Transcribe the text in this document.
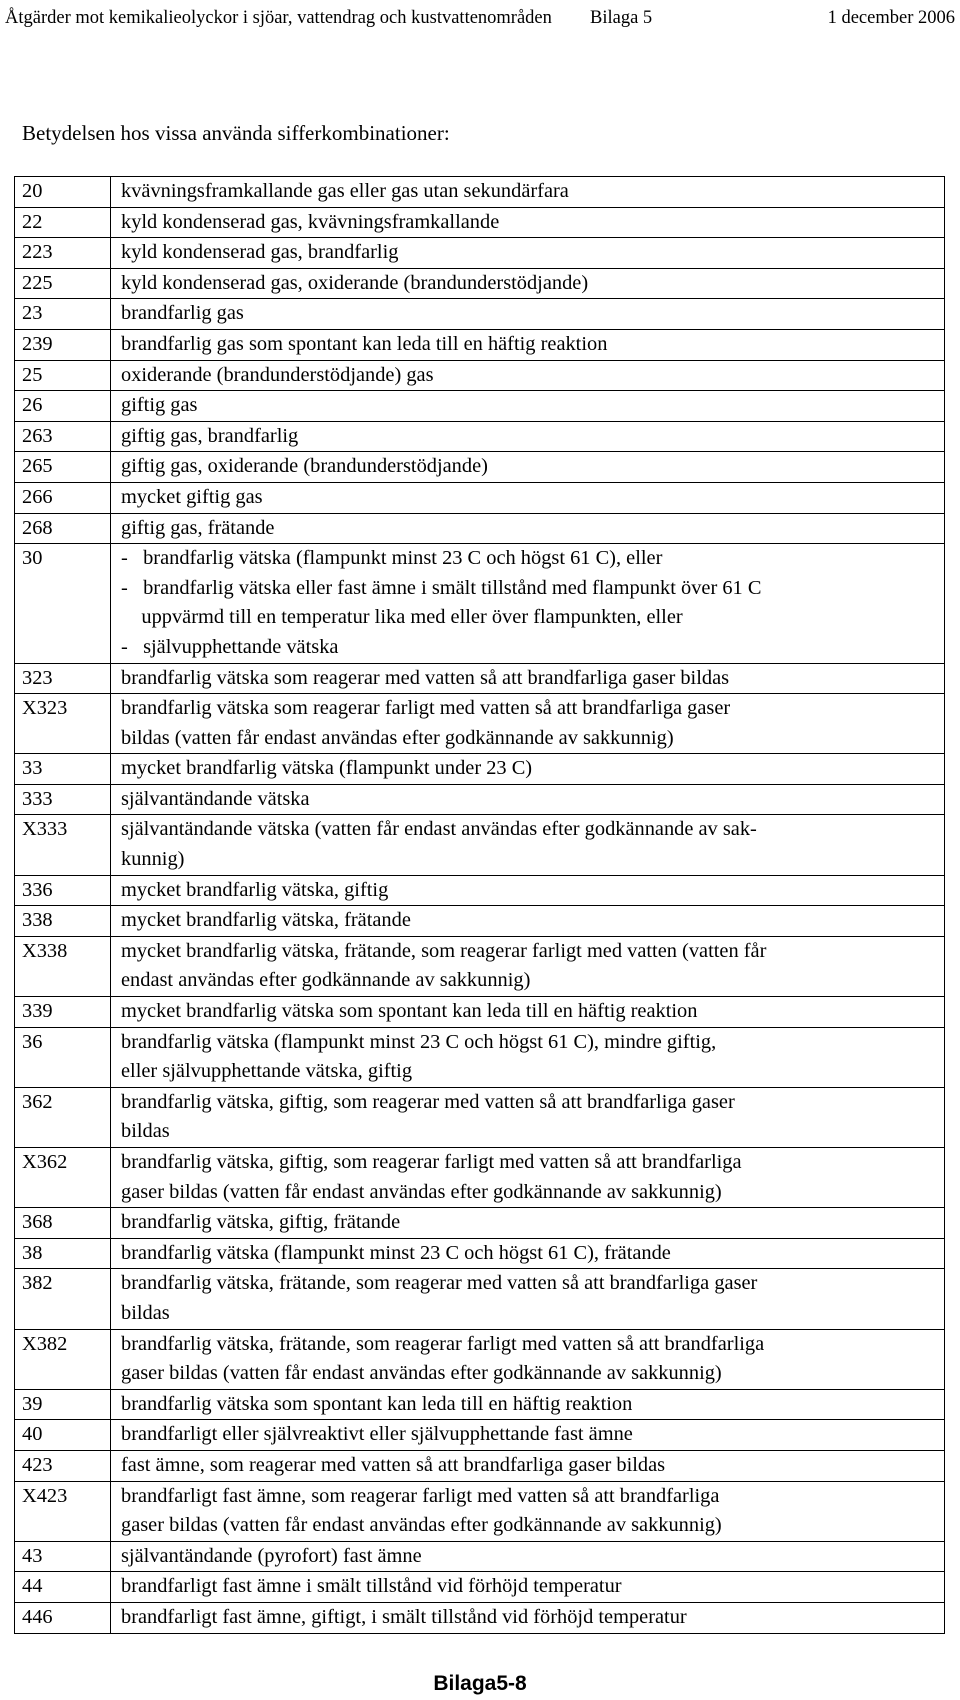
Åtgärder mot kemikalieolyckor i sjöar, vattendrag och kustvattenområden Bilaga 5	1 december 2006
Betydelsen hos vissa använda sifferkombinationer:
20	kvävningsframkallande gas eller gas utan sekundärfara

22	kyld kondenserad gas, kvävningsframkallande

223	kyld kondenserad gas, brandfarlig

225	kyld kondenserad gas, oxiderande (brandunderstödjande)

23	brandfarlig gas

239	brandfarlig gas som spontant kan leda till en häftig reaktion

25	oxiderande (brandunderstödjande) gas

26	giftig gas

263	giftig gas, brandfarlig

265	giftig gas, oxiderande (brandunderstödjande)

266	mycket giftig gas

268	giftig gas, frätande

30	-   brandfarlig vätska (flampunkt minst 23 C och högst 61 C), eller
-   brandfarlig vätska eller fast ämne i smält tillstånd med flampunkt över 61 C
uppvärmd till en temperatur lika med eller över flampunkten, eller
-   självupphettande vätska

323	brandfarlig vätska som reagerar med vatten så att brandfarliga gaser bildas

X323	brandfarlig vätska som reagerar farligt med vatten så att brandfarliga gaser
bildas (vatten får endast användas efter godkännande av sakkunnig)

33	mycket brandfarlig vätska (flampunkt under 23 C)

333	självantändande vätska

X333	självantändande vätska (vatten får endast användas efter godkännande av sak-
kunnig)

336	mycket brandfarlig vätska, giftig

338	mycket brandfarlig vätska, frätande

X338	mycket brandfarlig vätska, frätande, som reagerar farligt med vatten (vatten får
endast användas efter godkännande av sakkunnig)

339	mycket brandfarlig vätska som spontant kan leda till en häftig reaktion

36	brandfarlig vätska (flampunkt minst 23 C och högst 61 C), mindre giftig,
eller självupphettande vätska, giftig

362	brandfarlig vätska, giftig, som reagerar med vatten så att brandfarliga gaser
bildas

X362	brandfarlig vätska, giftig, som reagerar farligt med vatten så att brandfarliga
gaser bildas (vatten får endast användas efter godkännande av sakkunnig)

368	brandfarlig vätska, giftig, frätande

38	brandfarlig vätska (flampunkt minst 23 C och högst 61 C), frätande

382	brandfarlig vätska, frätande, som reagerar med vatten så att brandfarliga gaser
bildas

X382	brandfarlig vätska, frätande, som reagerar farligt med vatten så att brandfarliga
gaser bildas (vatten får endast användas efter godkännande av sakkunnig)

39	brandfarlig vätska som spontant kan leda till en häftig reaktion

40	brandfarligt eller självreaktivt eller självupphettande fast ämne

423	fast ämne, som reagerar med vatten så att brandfarliga gaser bildas

X423	brandfarligt fast ämne, som reagerar farligt med vatten så att brandfarliga
gaser bildas (vatten får endast användas efter godkännande av sakkunnig)

43	självantändande (pyrofort) fast ämne

44	brandfarligt fast ämne i smält tillstånd vid förhöjd temperatur

446	brandfarligt fast ämne, giftigt, i smält tillstånd vid förhöjd temperatur
Bilaga5-8
